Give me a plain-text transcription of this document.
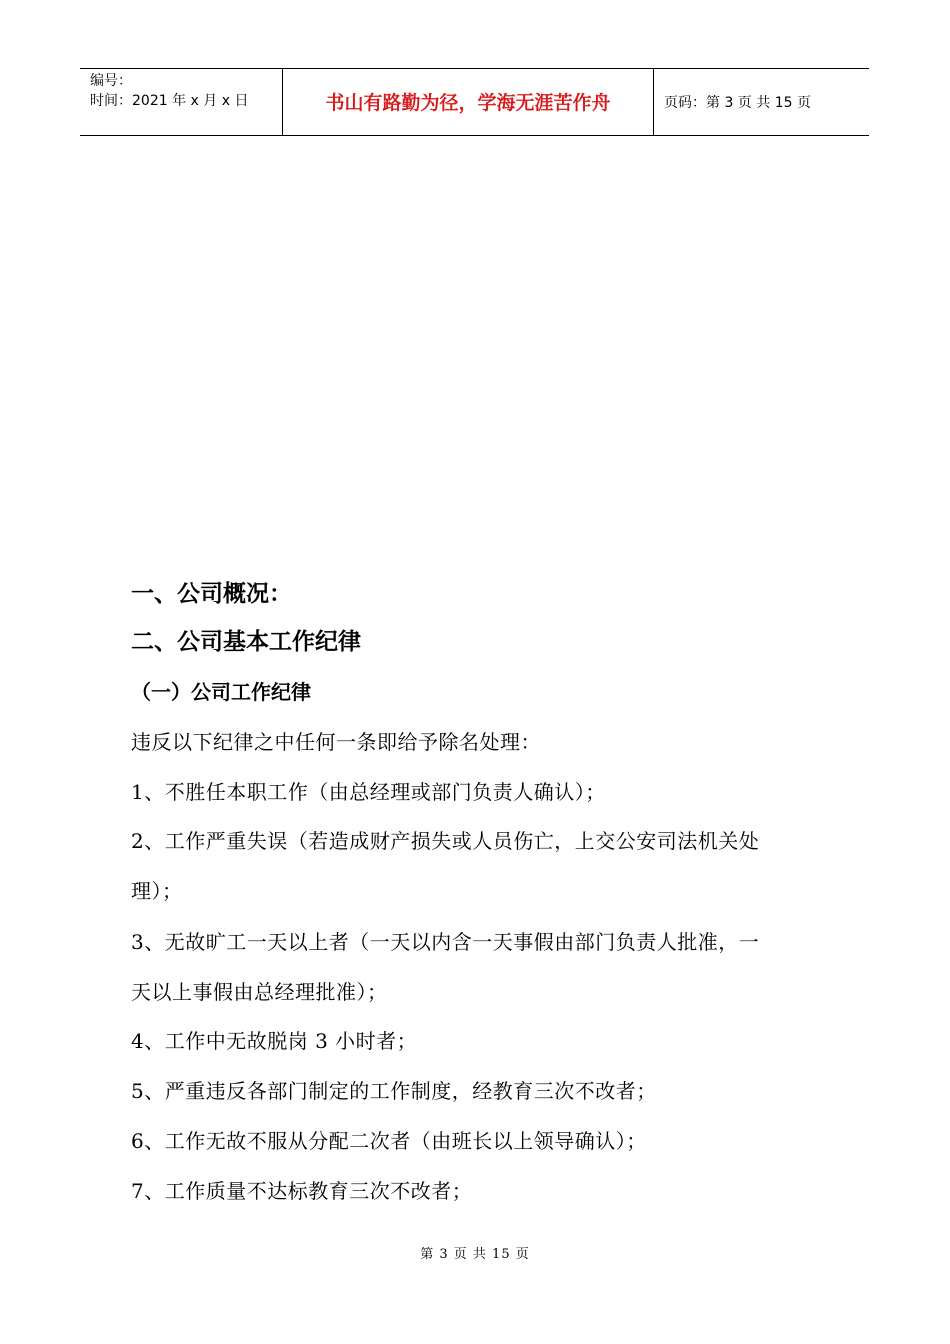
编号：
时间：2021 年 x 月 x 日	书山有路勤为径，学海无涯苦作舟	页码：第 3 页 共 15 页
一、公司概况：
二、公司基本工作纪律
（一）公司工作纪律
违反以下纪律之中任何一条即给予除名处理：
1、不胜任本职工作（由总经理或部门负责人确认）；
2、工作严重失误（若造成财产损失或人员伤亡，上交公安司法机关处
理）；
3、无故旷工一天以上者（一天以内含一天事假由部门负责人批准，一
天以上事假由总经理批准）；
4、工作中无故脱岗 3 小时者；
5、严重违反各部门制定的工作制度，经教育三次不改者；
6、工作无故不服从分配二次者（由班长以上领导确认）；
7、工作质量不达标教育三次不改者；
第 3 页 共 15 页
